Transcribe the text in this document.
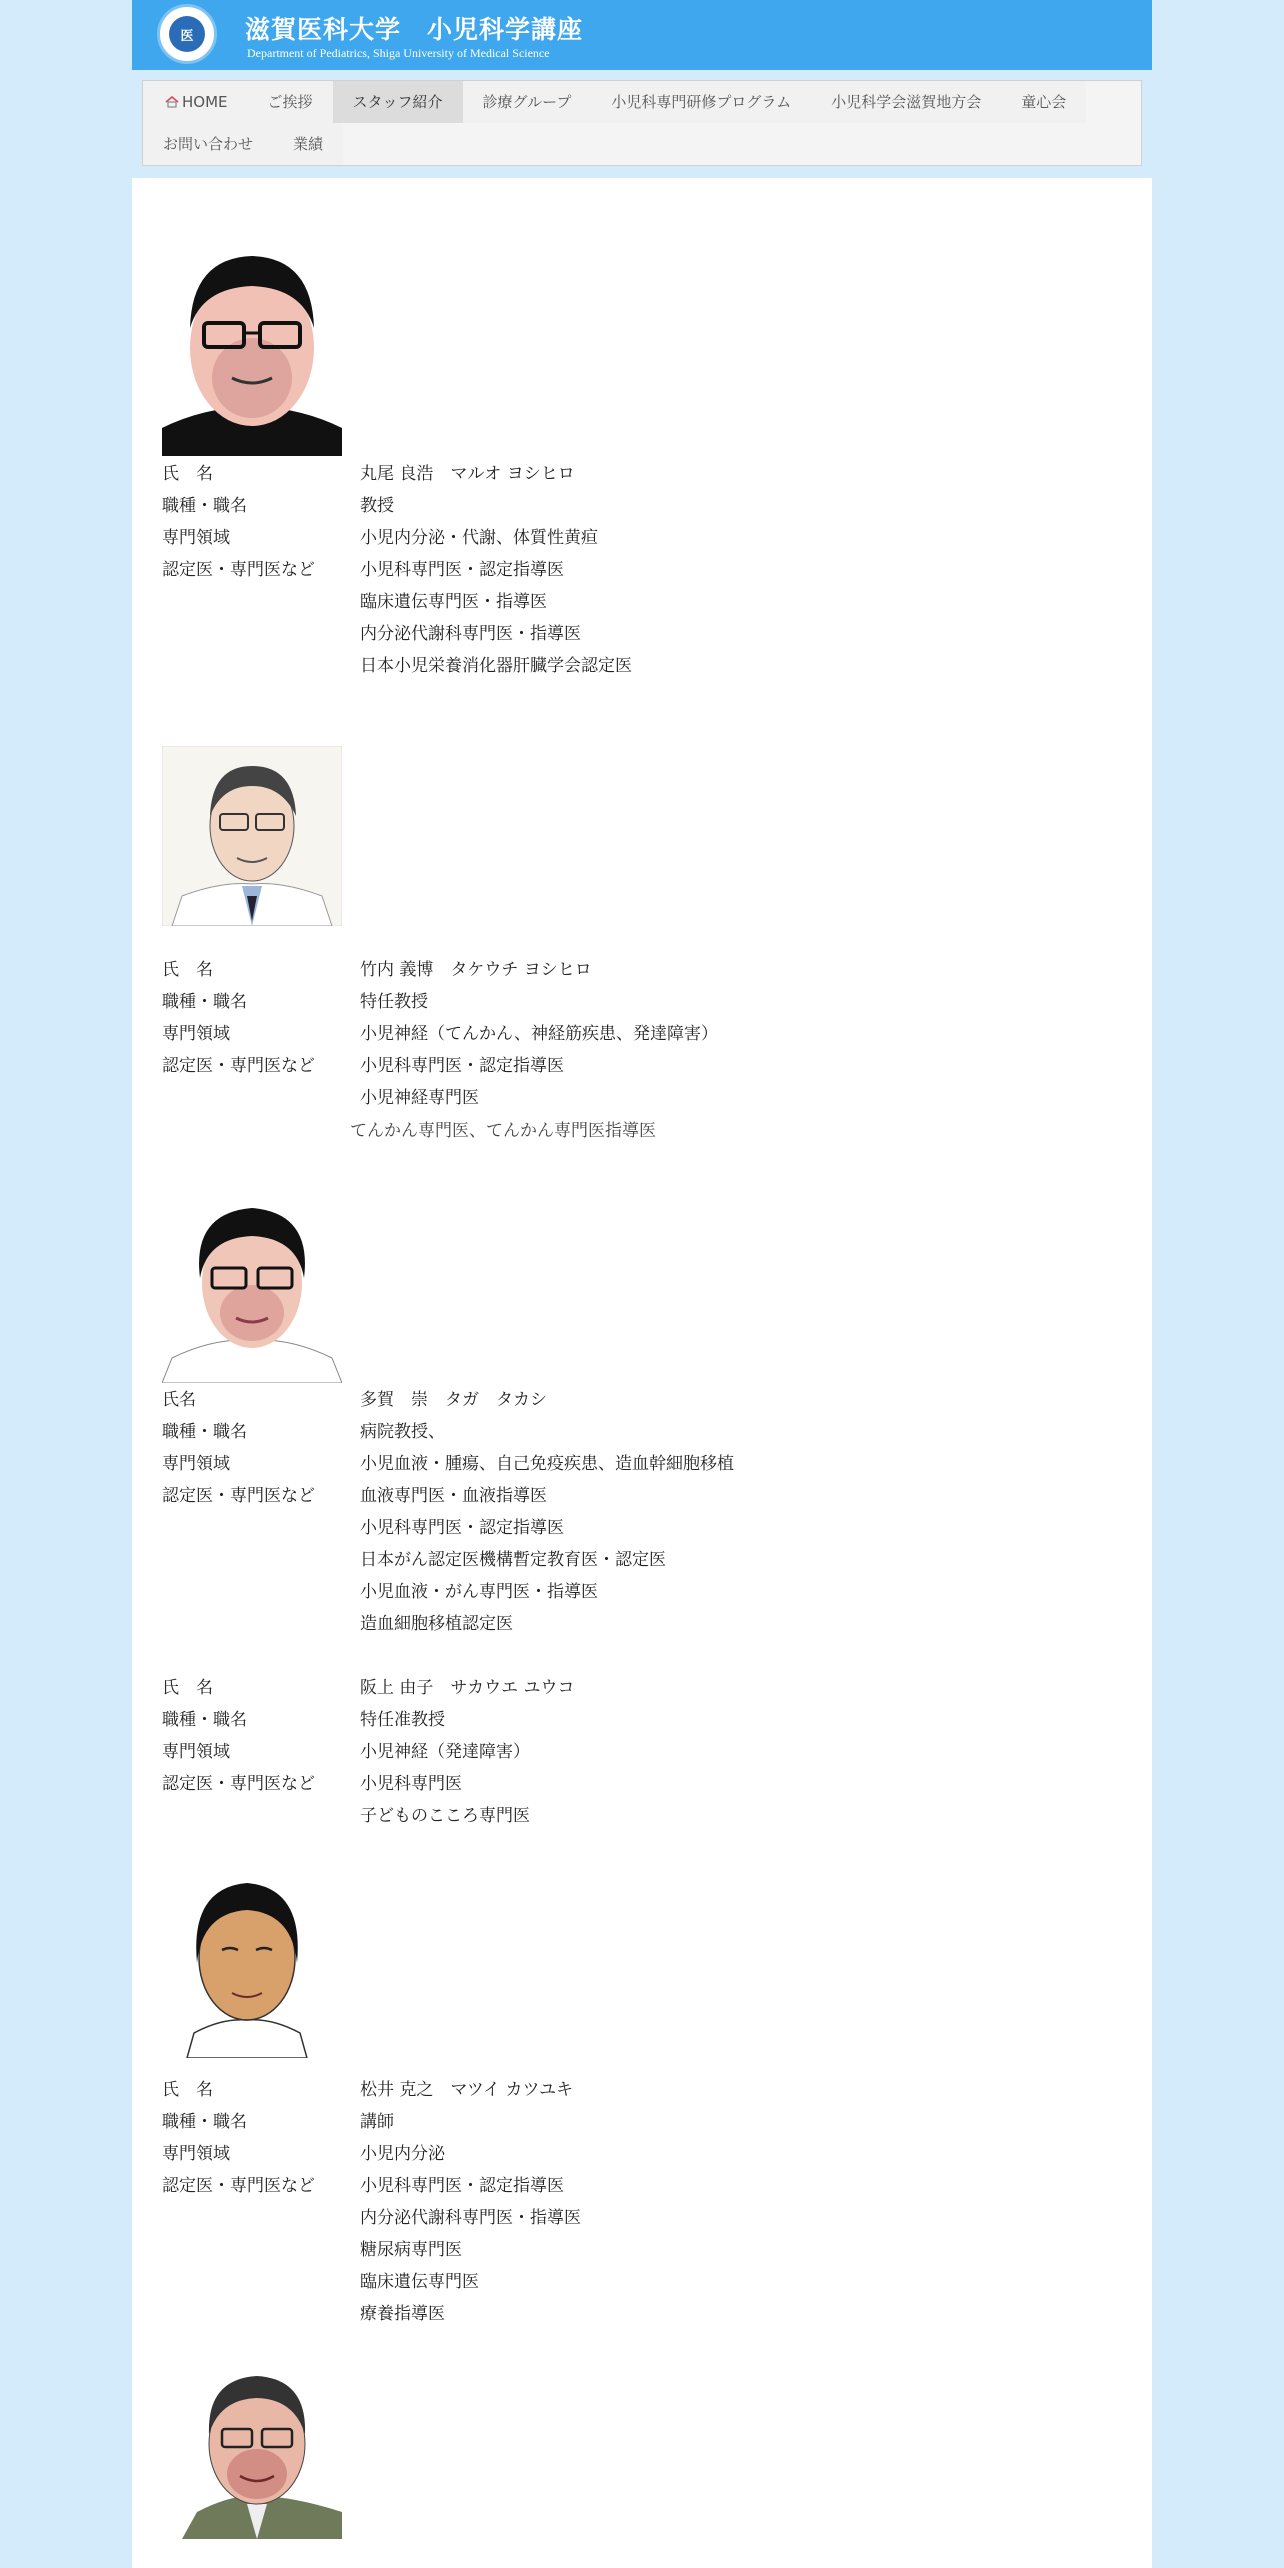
医	滋賀医科大学　小児科学講座
Department of Pediatrics, Shiga University of Medical Science
HOME	ご挨拶	スタッフ紹介	診療グループ	小児科専門研修プログラム	小児科学会滋賀地方会	童心会
お問い合わせ	業績
氏　名	丸尾 良浩　マルオ ヨシヒロ
職種・職名	教授
専門領域	小児内分泌・代謝、体質性黄疸
認定医・専門医など	小児科専門医・認定指導医
臨床遺伝専門医・指導医
内分泌代謝科専門医・指導医
日本小児栄養消化器肝臓学会認定医
氏　名	竹内 義博　タケウチ ヨシヒロ
職種・職名	特任教授
専門領域	小児神経（てんかん、神経筋疾患、発達障害）
認定医・専門医など	小児科専門医・認定指導医
小児神経専門医
てんかん専門医、てんかん専門医指導医
氏名	多賀　崇　タガ　タカシ
職種・職名	病院教授、
専門領域	小児血液・腫瘍、自己免疫疾患、造血幹細胞移植
認定医・専門医など	血液専門医・血液指導医
小児科専門医・認定指導医
日本がん認定医機構暫定教育医・認定医
小児血液・がん専門医・指導医
造血細胞移植認定医
氏　名	阪上 由子　サカウエ ユウコ
職種・職名	特任准教授
専門領域	小児神経（発達障害）
認定医・専門医など	小児科専門医
子どものこころ専門医
氏　名	松井 克之　マツイ カツユキ
職種・職名	講師
専門領域	小児内分泌
認定医・専門医など	小児科専門医・認定指導医
内分泌代謝科専門医・指導医
糖尿病専門医
臨床遺伝専門医
療養指導医
